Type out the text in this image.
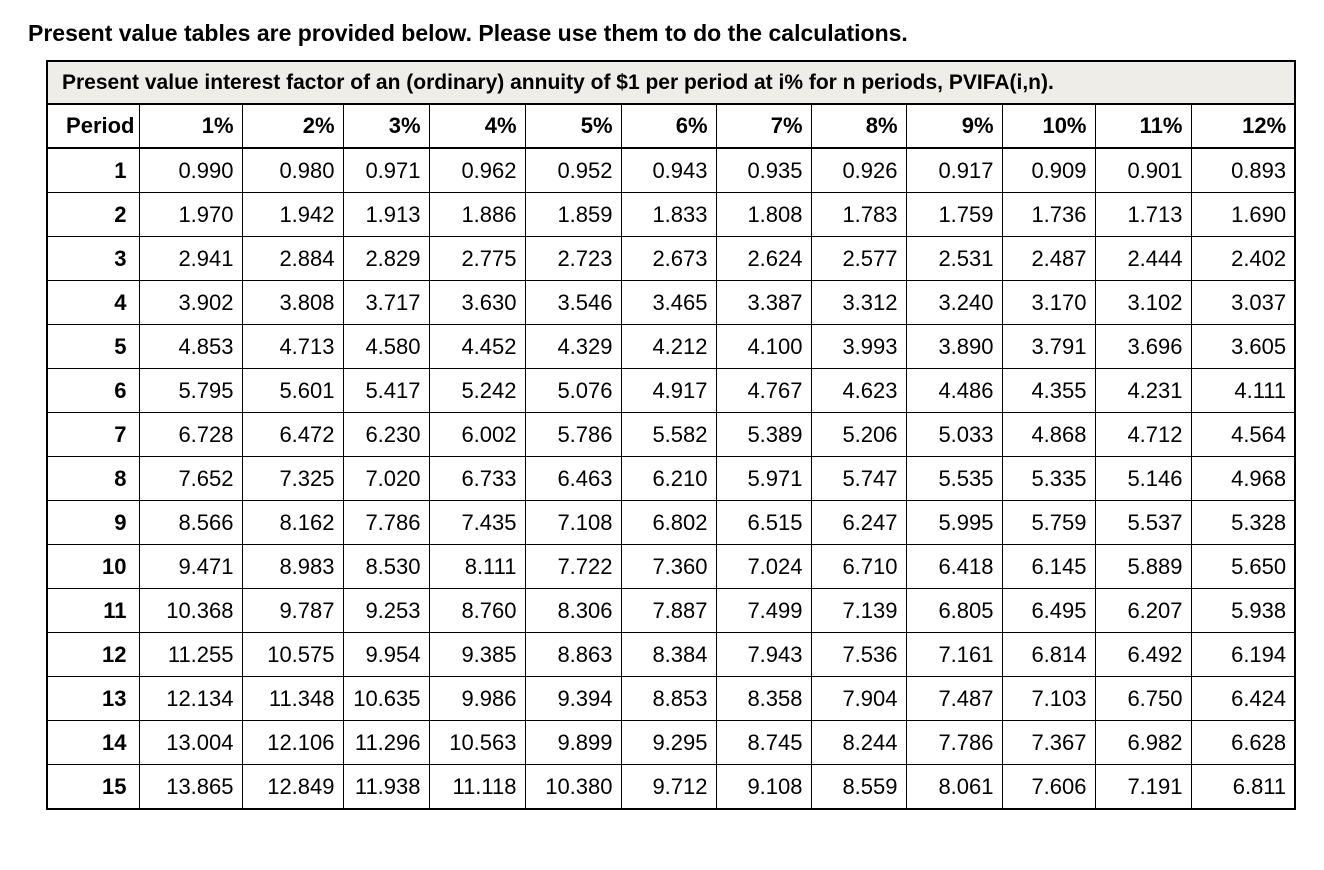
Present value tables are provided below. Please use them to do the calculations.
Present value interest factor of an (ordinary) annuity of $1 per period at i% for n periods, PVIFA(i,n).												
Period	1%	2%	3%	4%	5%	6%	7%	8%	9%	10%	11%	12%
1	0.990	0.980	0.971	0.962	0.952	0.943	0.935	0.926	0.917	0.909	0.901	0.893
2	1.970	1.942	1.913	1.886	1.859	1.833	1.808	1.783	1.759	1.736	1.713	1.690
3	2.941	2.884	2.829	2.775	2.723	2.673	2.624	2.577	2.531	2.487	2.444	2.402
4	3.902	3.808	3.717	3.630	3.546	3.465	3.387	3.312	3.240	3.170	3.102	3.037
5	4.853	4.713	4.580	4.452	4.329	4.212	4.100	3.993	3.890	3.791	3.696	3.605
6	5.795	5.601	5.417	5.242	5.076	4.917	4.767	4.623	4.486	4.355	4.231	4.111
7	6.728	6.472	6.230	6.002	5.786	5.582	5.389	5.206	5.033	4.868	4.712	4.564
8	7.652	7.325	7.020	6.733	6.463	6.210	5.971	5.747	5.535	5.335	5.146	4.968
9	8.566	8.162	7.786	7.435	7.108	6.802	6.515	6.247	5.995	5.759	5.537	5.328
10	9.471	8.983	8.530	8.111	7.722	7.360	7.024	6.710	6.418	6.145	5.889	5.650
11	10.368	9.787	9.253	8.760	8.306	7.887	7.499	7.139	6.805	6.495	6.207	5.938
12	11.255	10.575	9.954	9.385	8.863	8.384	7.943	7.536	7.161	6.814	6.492	6.194
13	12.134	11.348	10.635	9.986	9.394	8.853	8.358	7.904	7.487	7.103	6.750	6.424
14	13.004	12.106	11.296	10.563	9.899	9.295	8.745	8.244	7.786	7.367	6.982	6.628
15	13.865	12.849	11.938	11.118	10.380	9.712	9.108	8.559	8.061	7.606	7.191	6.811
